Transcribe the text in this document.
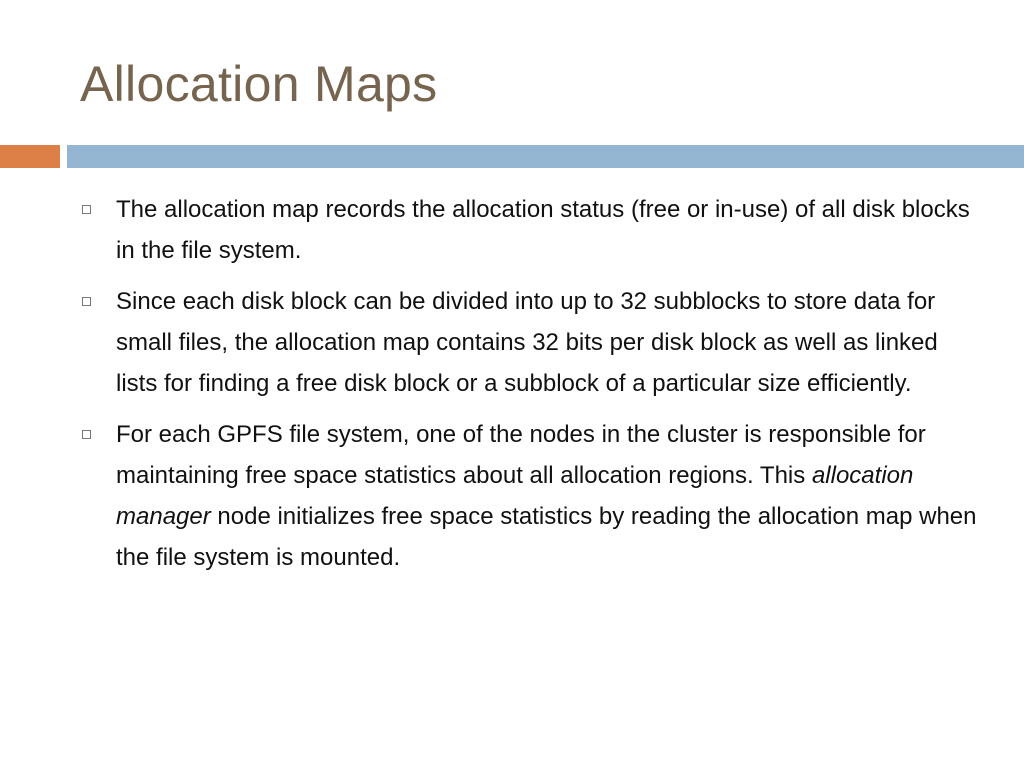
Allocation Maps
The allocation map records the allocation status (free or in-use) of all disk blocks in the file system.
Since each disk block can be divided into up to 32 subblocks to store data for small files, the allocation map contains 32 bits per disk block as well as linked lists for finding a free disk block or a subblock of a particular size efficiently.
For each GPFS file system, one of the nodes in the cluster is responsible for maintaining free space statistics about all allocation regions. This allocation manager node initializes free space statistics by reading the allocation map when the file system is mounted.
